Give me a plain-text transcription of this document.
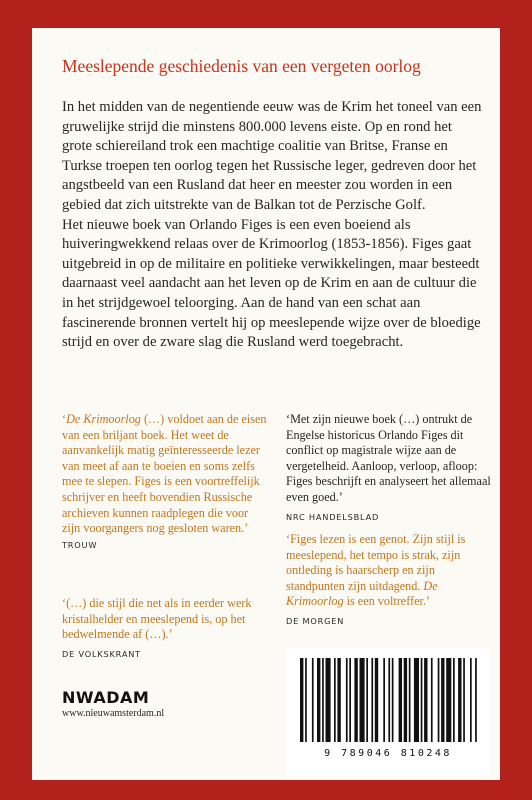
Meeslepende geschiedenis van een vergeten oorlog

In het midden van de negentiende eeuw was de Krim het toneel van een gruwelijke strijd die minstens 800.000 levens eiste. Op en rond het grote schiereiland trok een machtige coalitie van Britse, Franse en Turkse troepen ten oorlog tegen het Russische leger, gedreven door het angstbeeld van een Rusland dat heer en meester zou worden in een gebied dat zich uitstrekte van de Balkan tot de Perzische Golf.

Het nieuwe boek van Orlando Figes is een even boeiend als huiveringwekkend relaas over de Krimoorlog (1853-1856). Figes gaat uitgebreid in op de militaire en politieke verwikkelingen, maar besteedt daarnaast veel aandacht aan het leven op de Krim en aan de cultuur die in het strijdgewoel teloorging. Aan de hand van een schat aan fascinerende bronnen vertelt hij op meeslepende wijze over de bloedige strijd en over de zware slag die Rusland werd toegebracht.

‘De Krimoorlog (…) voldoet aan de eisen van een briljant boek. Het weet de aanvankelijk matig geïnteresseerde lezer van meet af aan te boeien en soms zelfs mee te slepen. Figes is een voortreffelijk schrijver en heeft bovendien Russische archieven kunnen raadplegen die voor zijn voorgangers nog gesloten waren.’ TROUW
‘(…) die stijl die net als in eerder werk kristalhelder en meeslepend is, op het bedwelmende af (…).’
DE VOLKSKRANT
‘Met zijn nieuwe boek (…) ontrukt de Engelse historicus Orlando Figes dit conflict op magistrale wijze aan de vergetelheid. Aanloop, verloop, afloop: Figes beschrijft en analyseert het allemaal even goed.’
NRC HANDELSBLAD
‘Figes lezen is een genot. Zijn stijl is meeslepend, het tempo is strak, zijn ontleding is haarscherp en zijn standpunten zijn uitdagend. De Krimoorlog is een voltreffer.’
DE MORGEN
NWADAM
www.nieuwamsterdam.nl
9 789046 810248
